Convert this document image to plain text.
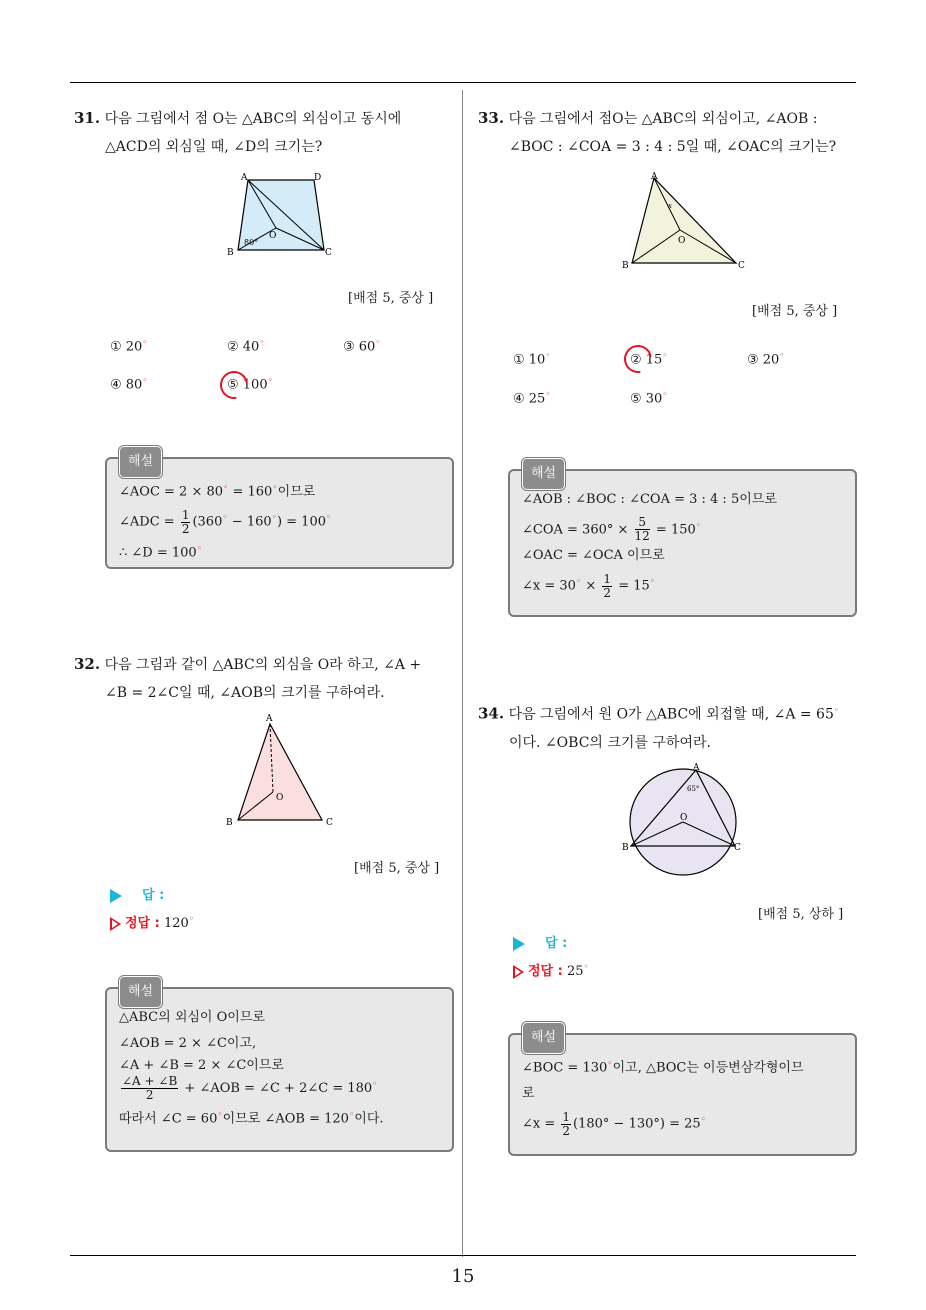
15
31. 다음 그림에서 점 O는 △ABC의 외심이고 동시에
△ACD의 외심일 때, ∠D의 크기는?
A	D
B	C
O
80°
[배점 5, 중상 ]
① 20◦	② 40◦	③ 60◦
④ 80◦	⑤ 100◦
해설
∠AOC = 2 × 80◦ = 160◦이므로
∠ADC = $\frac{1}{2} (360^◦ - 160^◦) = 100^◦$
∴ ∠D = 100◦
32. 다음 그림과 같이 △ABC의 외심을 O라 하고, ∠A +
∠B = 2∠C일 때, ∠AOB의 크기를 구하여라.
A
B	C
O
[배점 5, 중상 ]
답 :
정답 : 120◦
해설
△ABC의 외심이 O이므로
∠AOB = 2 × ∠C이고,
∠A + ∠B = 2 × ∠C이므로
$\frac{\angle A + \angle B}{2}$ + ∠AOB = ∠C + 2∠C = 180◦
따라서 ∠C = 60◦이므로 ∠AOB = 120◦이다.
33. 다음 그림에서 점O는 △ABC의 외심이고, ∠AOB :
∠BOC : ∠COA = 3 : 4 : 5일 때, ∠OAC의 크기는?
A
B	C
O
x
[배점 5, 중상 ]
① 10◦	② 15◦	③ 20◦
④ 25◦	⑤ 30◦
해설
∠AOB : ∠BOC : ∠COA = 3 : 4 : 5이므로
∠COA = $360^\circ \times \frac{5}{12} = 150^◦$
∠OAC = ∠OCA 이므로
∠x = $30^◦ \times \frac{1}{2} = 15^◦$
34. 다음 그림에서 원 O가 △ABC에 외접할 때, ∠A = 65◦
이다. ∠OBC의 크기를 구하여라.
A
B	C
O
65°
[배점 5, 상하 ]
답 :
정답 : 25◦
해설
∠BOC = 130◦이고, △BOC는 이등변삼각형이므
로
∠x = $\frac{1}{2} (180^\circ - 130^\circ) = 25^◦$
